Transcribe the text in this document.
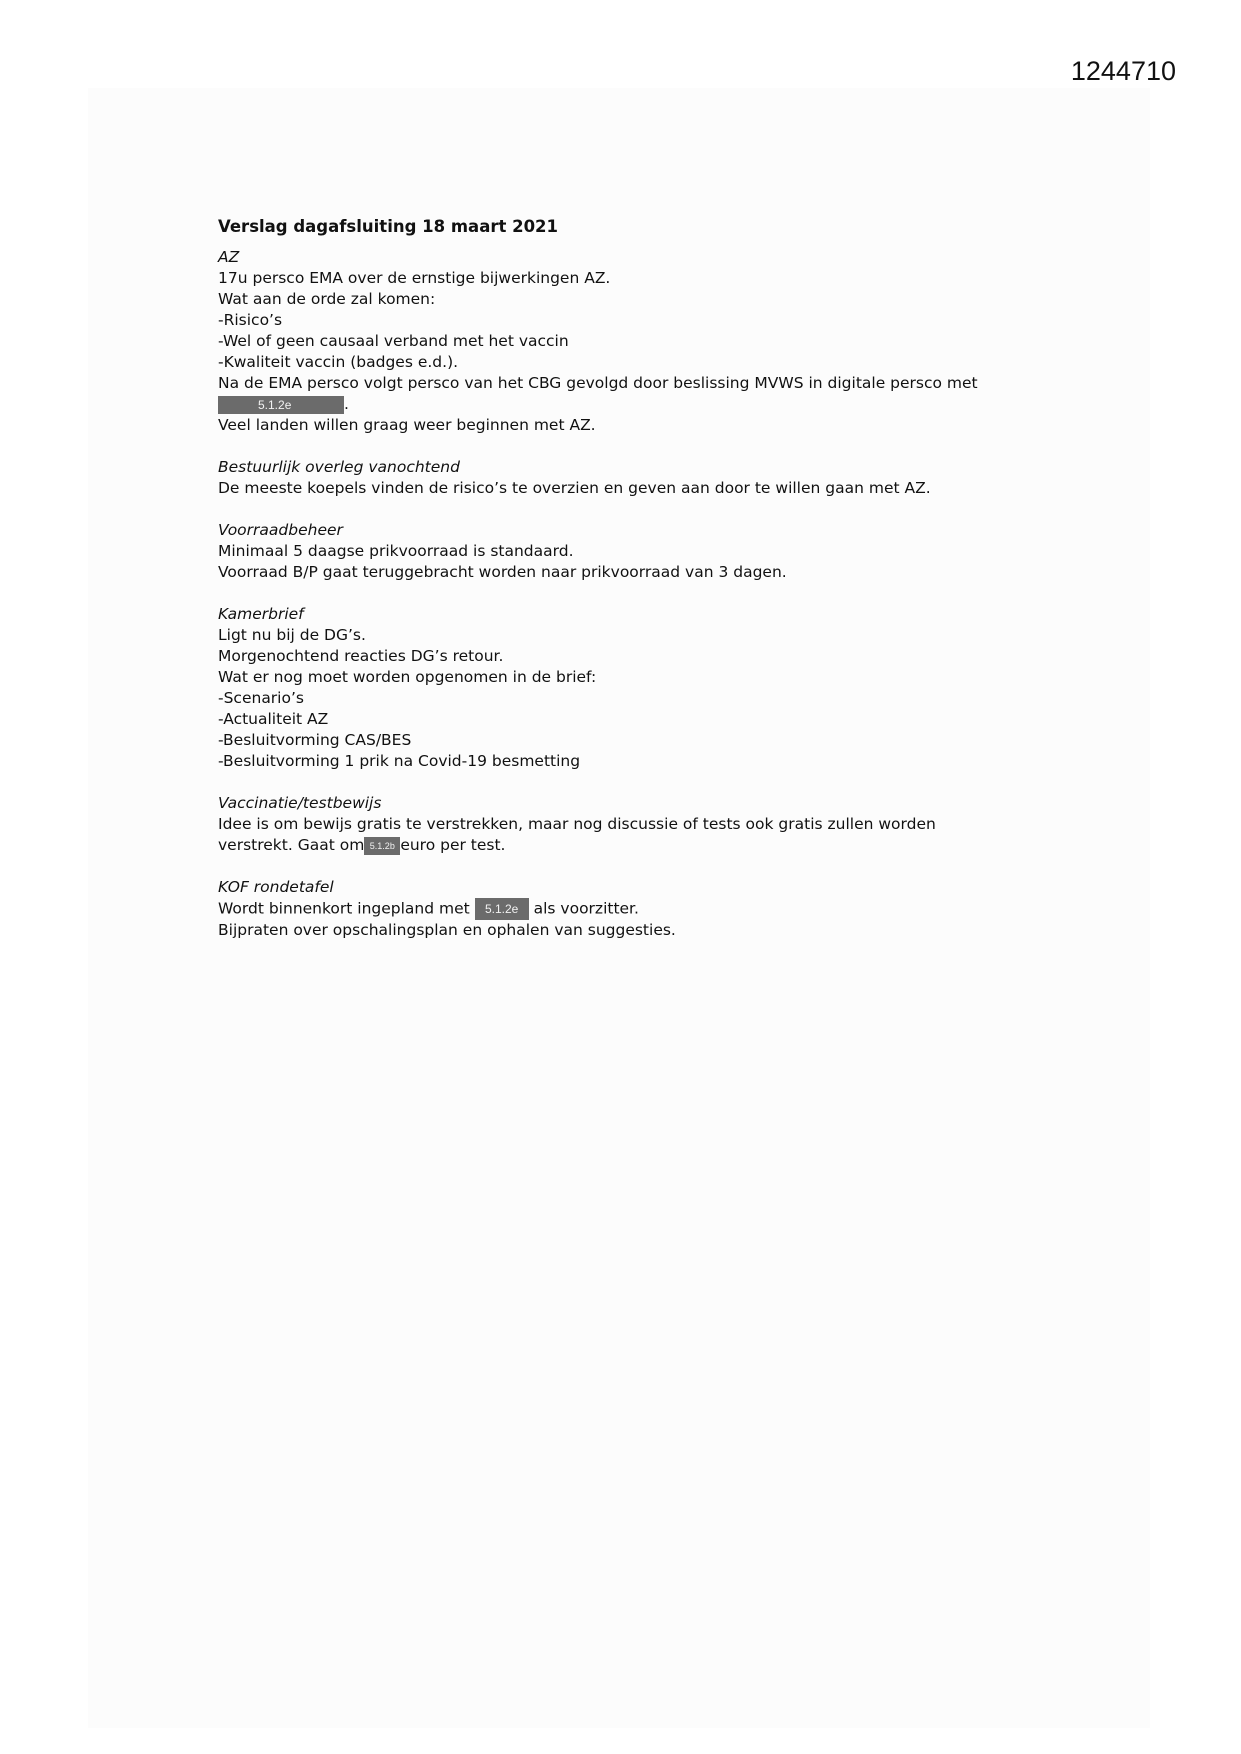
1244710

Verslag dagafsluiting 18 maart 2021

AZ

17u persco EMA over de ernstige bijwerkingen AZ.

Wat aan de orde zal komen:

-Risico’s

-Wel of geen causaal verband met het vaccin

-Kwaliteit vaccin (badges e.d.).

Na de EMA persco volgt persco van het CBG gevolgd door beslissing MVWS in digitale persco met

5.1.2e	.

Veel landen willen graag weer beginnen met AZ.

Bestuurlijk overleg vanochtend

De meeste koepels vinden de risico’s te overzien en geven aan door te willen gaan met AZ.

Voorraadbeheer

Minimaal 5 daagse prikvoorraad is standaard.

Voorraad B/P gaat teruggebracht worden naar prikvoorraad van 3 dagen.

Kamerbrief

Ligt nu bij de DG’s.

Morgenochtend reacties DG’s retour.

Wat er nog moet worden opgenomen in de brief:

-Scenario’s

-Actualiteit AZ

-Besluitvorming CAS/BES

-Besluitvorming 1 prik na Covid-19 besmetting

Vaccinatie/testbewijs

Idee is om bewijs gratis te verstrekken, maar nog discussie of tests ook gratis zullen worden

verstrekt. Gaat om 5.1.2b euro per test.

KOF rondetafel

Wordt binnenkort ingepland met 5.1.2e als voorzitter.

Bijpraten over opschalingsplan en ophalen van suggesties.
